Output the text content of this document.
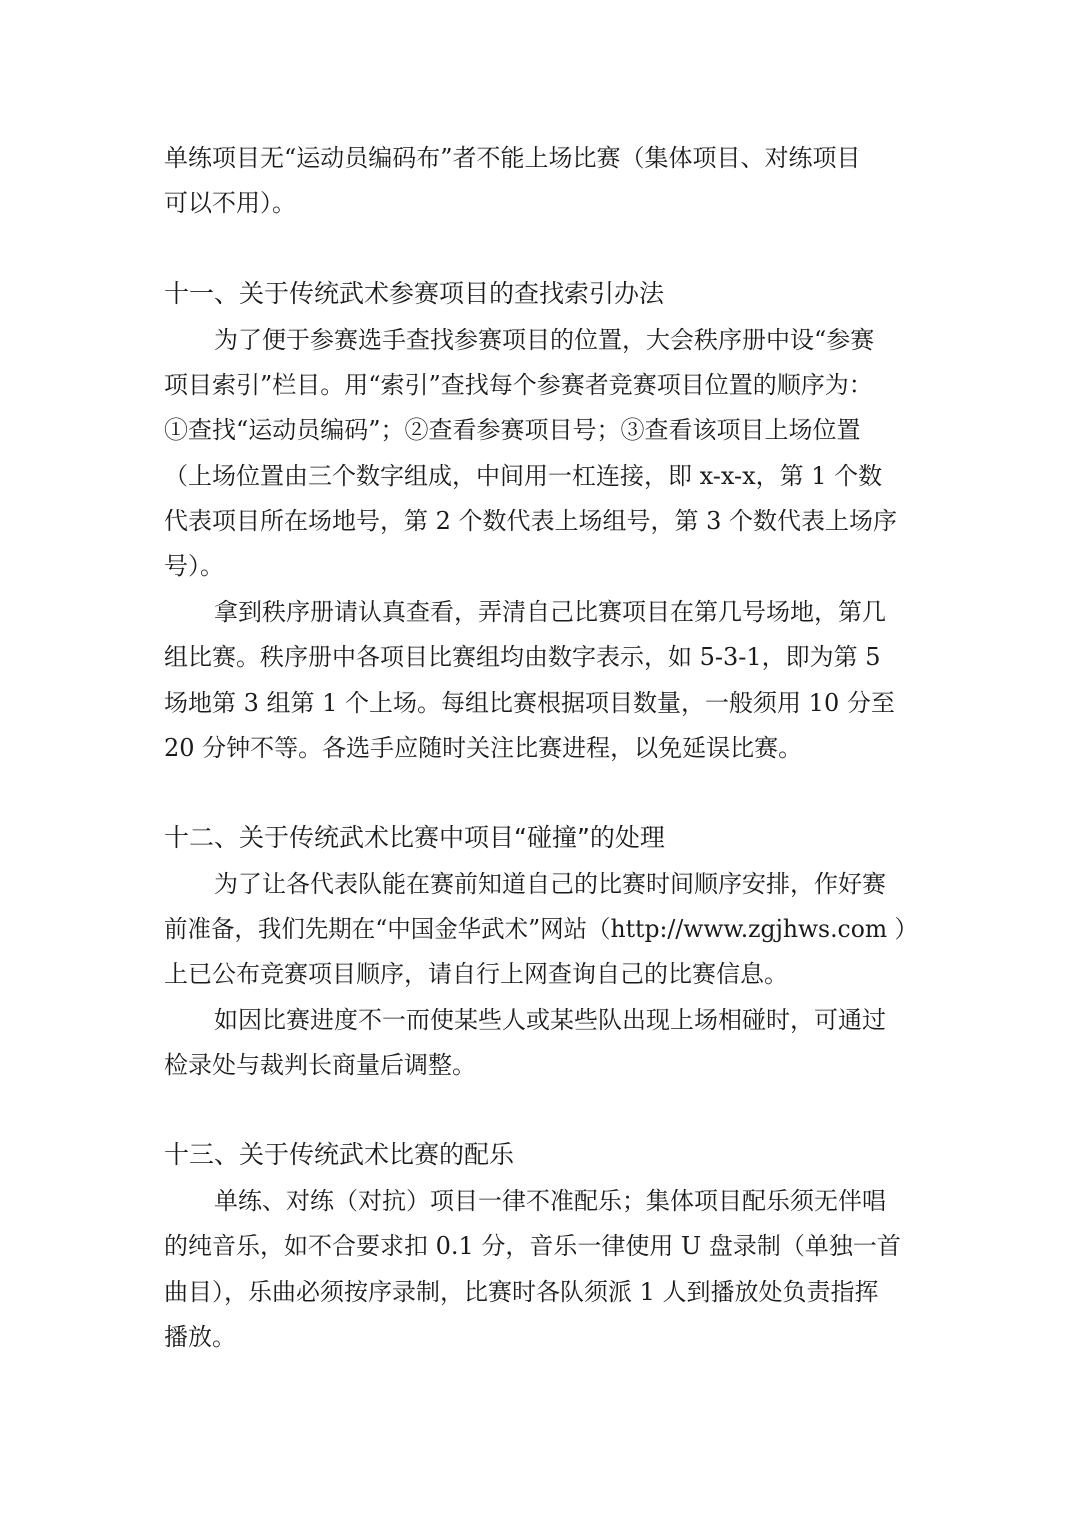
单练项目无“运动员编码布”者不能上场比赛（集体项目、对练项目
可以不用）。
十一、关于传统武术参赛项目的查找索引办法
为了便于参赛选手查找参赛项目的位置，大会秩序册中设“参赛
项目索引”栏目。用“索引”查找每个参赛者竞赛项目位置的顺序为：
①查找“运动员编码”；②查看参赛项目号；③查看该项目上场位置
（上场位置由三个数字组成，中间用一杠连接，即 x-x-x，第 1 个数
代表项目所在场地号，第 2 个数代表上场组号，第 3 个数代表上场序
号）。
拿到秩序册请认真查看，弄清自己比赛项目在第几号场地，第几
组比赛。秩序册中各项目比赛组均由数字表示，如 5-3-1，即为第 5
场地第 3 组第 1 个上场。每组比赛根据项目数量，一般须用 10 分至
20 分钟不等。各选手应随时关注比赛进程，以免延误比赛。
十二、关于传统武术比赛中项目“碰撞”的处理
为了让各代表队能在赛前知道自己的比赛时间顺序安排，作好赛
前准备，我们先期在“中国金华武术”网站（http://www.zgjhws.com ）
上已公布竞赛项目顺序，请自行上网查询自己的比赛信息。
如因比赛进度不一而使某些人或某些队出现上场相碰时，可通过
检录处与裁判长商量后调整。
十三、关于传统武术比赛的配乐
单练、对练（对抗）项目一律不准配乐；集体项目配乐须无伴唱
的纯音乐，如不合要求扣 0.1 分，音乐一律使用 U 盘录制（单独一首
曲目），乐曲必须按序录制，比赛时各队须派 1 人到播放处负责指挥
播放。
